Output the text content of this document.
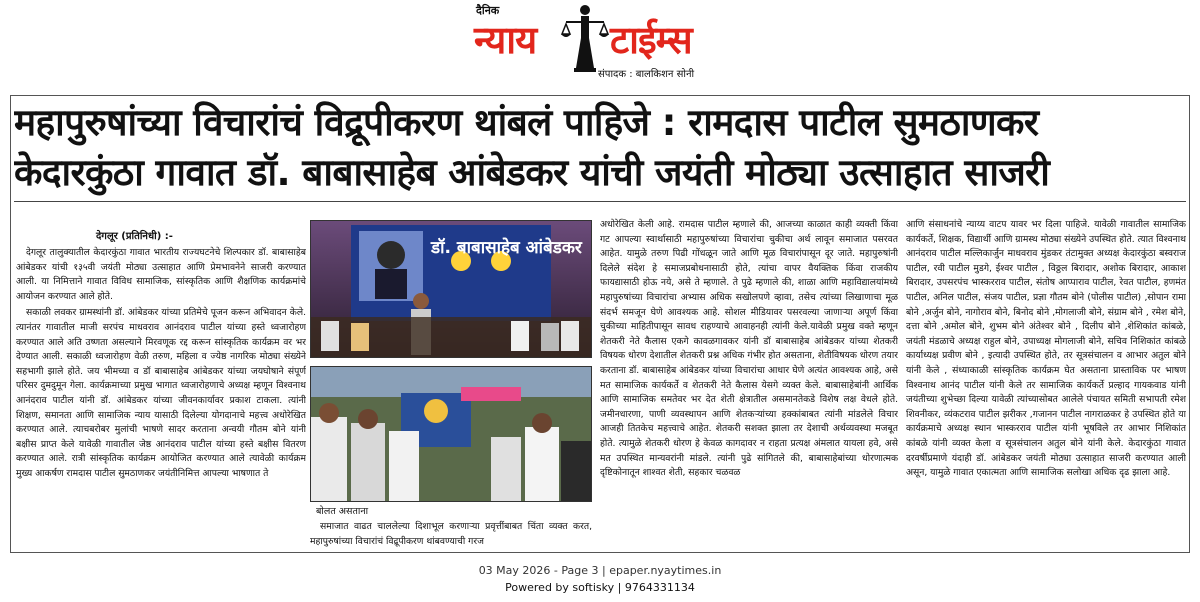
दैनिक
न्याय टाईम्स
संपादक : बालकिशन सोनी
महापुरुषांच्या विचारांचं विद्रूपीकरण थांबलं पाहिजे : रामदास पाटील सुमठाणकर
केदारकुंठा गावात डॉ. बाबासाहेब आंबेडकर यांची जयंती मोठ्या उत्साहात साजरी
देगलूर (प्रतिनिधी) :-

देगलूर तालुक्यातील केदारकुंठा गावात भारतीय राज्यघटनेचे शिल्पकार डॉ. बाबासाहेब आंबेडकर यांची १३५वी जयंती मोठ्या उत्साहात आणि प्रेमभावनेने साजरी करण्यात आली. या निमित्ताने गावात विविध सामाजिक, सांस्कृतिक आणि शैक्षणिक कार्यक्रमांचे आयोजन करण्यात आले होते.

सकाळी लवकर ग्रामस्थांनी डॉ. आंबेडकर यांच्या प्रतिमेचे पूजन करून अभिवादन केले. त्यानंतर गावातील माजी सरपंच माधवराव आनंदराव पाटील यांच्या हस्ते ध्वजारोहण करण्यात आले अति उष्णता असल्याने मिरवणूक रद्द करून सांस्कृतिक कार्यक्रम वर भर देण्यात आली. सकाळी ध्वजारोहण वेळी तरुण, महिला व ज्येष्ठ नागरिक मोठ्या संख्येने सहभागी झाले होते. जय भीमच्या व डॉ बाबासाहेब आंबेडकर यांच्या जयघोषाने संपूर्ण परिसर दुमदुमून गेला. कार्यक्रमाच्या प्रमुख भागात ध्वजारोहणाचे अध्यक्ष म्हणून विश्वनाथ आनंदराव पाटील यांनी डॉ. आंबेडकर यांच्या जीवनकार्यावर प्रकाश टाकला. त्यांनी शिक्षण, समानता आणि सामाजिक न्याय यासाठी दिलेल्या योगदानाचे महत्त्व अधोरेखित करण्यात आले. त्याचबरोबर मुलांची भाषणे सादर करताना अन्वयी गौतम बोने यांनी बक्षीस प्राप्त केले यावेळी गावातील जेष्ठ आनंदराव पाटील यांच्या हस्ते बक्षीस वितरण करण्यात आले. रात्री सांस्कृतिक कार्यक्रम आयोजित करण्यात आले त्यावेळी कार्यक्रम मुख्य आकर्षण रामदास पाटील सुमठाणकर जयंतीनिमित्त आपल्या भाषणात ते

डॉ. बाबासाहेब आंबेडकर
बोलत असताना

समाजात वाढत चाललेल्या दिशाभूल करणाऱ्या प्रवृत्तींबाबत चिंता व्यक्त करत, महापुरुषांच्या विचारांचं विद्रूपीकरण थांबवण्याची गरज

अधोरेखित केली आहे. रामदास पाटील म्हणाले की, आजच्या काळात काही व्यक्ती किंवा गट आपल्या स्वार्थासाठी महापुरुषांच्या विचारांचा चुकीचा अर्थ लावून समाजात पसरवत आहेत. यामुळे तरुण पिढी गोंधळून जाते आणि मूळ विचारांपासून दूर जाते. महापुरुषांनी दिलेले संदेश हे समाजप्रबोधनासाठी होते, त्यांचा वापर वैयक्तिक किंवा राजकीय फायद्यासाठी होऊ नये, असे ते म्हणाले. ते पुढे म्हणाले की, शाळा आणि महाविद्यालयांमध्ये महापुरुषांच्या विचारांचा अभ्यास अधिक सखोलपणे व्हावा, तसेच त्यांच्या लिखाणाचा मूळ संदर्भ समजून घेणे आवश्यक आहे. सोशल मीडियावर पसरवल्या जाणाऱ्या अपूर्ण किंवा चुकीच्या माहितीपासून सावध राहण्याचे आवाहनही त्यांनी केले.यावेळी प्रमुख वक्ते म्हणून शेतकरी नेते कैलास एकगे कावळगावकर यांनी डॉ बाबासाहेब आंबेडकर यांच्या शेतकरी विषयक धोरण देशातील शेतकरी प्रश्न अधिक गंभीर होत असताना, शेतीविषयक धोरण तयार करताना डॉ. बाबासाहेब आंबेडकर यांच्या विचारांचा आधार घेणे अत्यंत आवश्यक आहे, असे मत सामाजिक कार्यकर्ते व शेतकरी नेते कैलास येसगे व्यक्त केले. बाबासाहेबांनी आर्थिक आणि सामाजिक समतेवर भर देत शेती क्षेत्रातील असमानतेकडे विशेष लक्ष वेधले होते. जमीनधारणा, पाणी व्यवस्थापन आणि शेतकऱ्यांच्या हक्कांबाबत त्यांनी मांडलेले विचार आजही तितकेच महत्त्वाचे आहेत. शेतकरी सशक्त झाला तर देशाची अर्थव्यवस्था मजबूत होते. त्यामुळे शेतकरी धोरण हे केवळ कागदावर न राहता प्रत्यक्ष अंमलात यायला हवे, असे मत उपस्थित मान्यवरांनी मांडले. त्यांनी पुढे सांगितले की, बाबासाहेबांच्या धोरणात्मक दृष्टिकोनातून शाश्वत शेती, सहकार चळवळ

आणि संसाधनांचे न्याय्य वाटप यावर भर दिला पाहिजे. यावेळी गावातील सामाजिक कार्यकर्ते, शिक्षक, विद्यार्थी आणि ग्रामस्थ मोठ्या संख्येने उपस्थित होते. त्यात विश्वनाथ आनंदराव पाटील मल्लिकार्जुन माधवराव मुंडकर तंटामुक्त अध्यक्ष केदारकुंठा बस्वराज पाटील, रवी पाटील मुडगे, ईश्वर पाटील , विठ्ठल बिरादार, अशोक बिरादार, आकाश बिरादार, उपसरपंच भास्करराव पाटील, संतोष आप्पाराव पाटील, रेवत पाटील, हणमंत पाटील, अनिल पाटील, संजय पाटील, प्रज्ञा गौतम बोने (पोलीस पाटील) ,सोपान रामा बोने ,अर्जुन बोने, नागोराव बोने, बिनोद बोने ,मोगलाजी बोने, संग्राम बोने , रमेश बोने, दत्ता बोने ,अमोल बोने, शुभम बोने अंतेश्वर बोने , दिलीप बोने ,शेशिकांत कांबळे, जयंती मंडळाचे अध्यक्ष राहुल बोने, उपाध्यक्ष मोगलाजी बोने, सचिव निशिकांत कांबळे कार्याध्यक्ष प्रवीण बोने , इत्यादी उपस्थित होते, तर सूत्रसंचालन व आभार अतुल बोने यांनी केले , संध्याकाळी सांस्कृतिक कार्यक्रम घेत असताना प्रास्ताविक पर भाषण विश्वनाथ आनंद पाटील यांनी केले तर सामाजिक कार्यकर्ते प्रल्हाद गायकवाड यांनी जयंतीच्या शुभेच्छा दिल्या यावेळी त्यांच्यासोबत आलेले पंचायत समिती सभापती रमेश शिवनीकर, व्यंकटराव पाटील झरीकर ,गजानन पाटील नागराळकर हे उपस्थित होते या कार्यक्रमाचे अध्यक्ष स्थान भास्करराव पाटील यांनी भूषविले तर आभार निशिकांत कांबळे यांनी व्यक्त केला व सूत्रसंचालन अतुल बोने यांनी केले. केदारकुंठा गावात दरवर्षीप्रमाणे यंदाही डॉ. आंबेडकर जयंती मोठ्या उत्साहात साजरी करण्यात आली असून, यामुळे गावात एकात्मता आणि सामाजिक सलोखा अधिक दृढ झाला आहे.

03 May 2026 - Page 3 | epaper.nyaytimes.in
Powered by softisky | 9764331134
